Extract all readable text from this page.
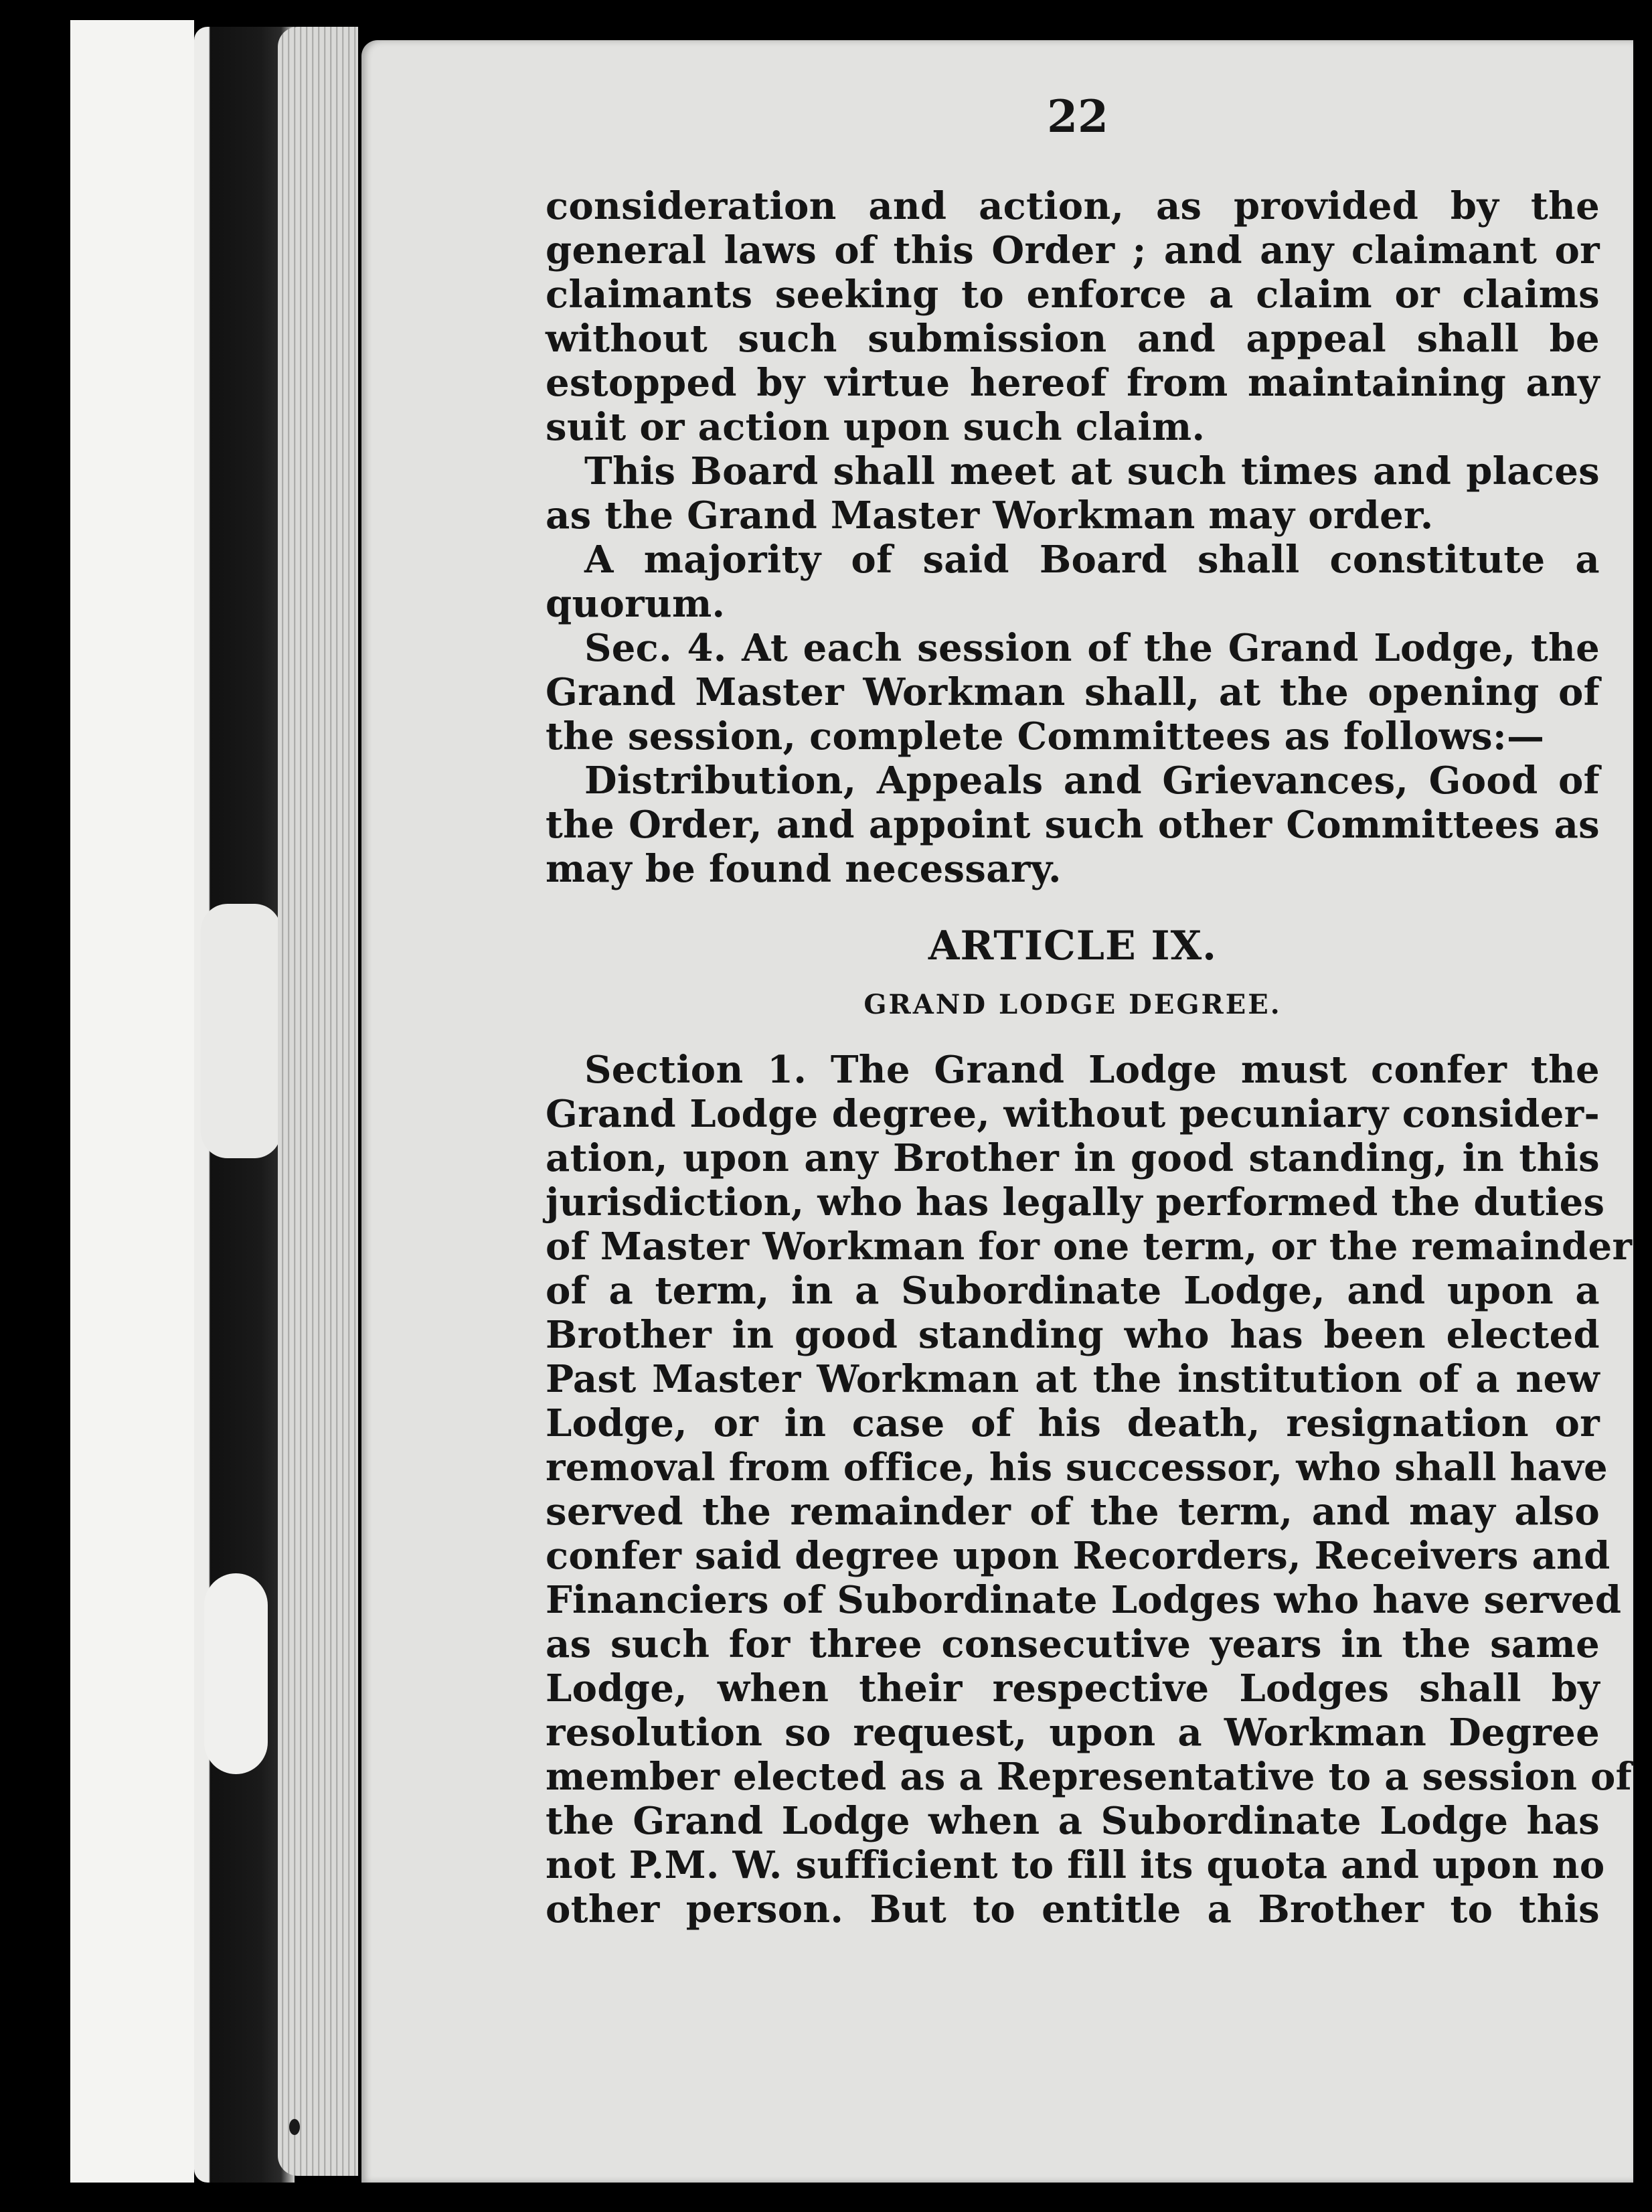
22
consideration and action, as provided by the
general laws of this Order ; and any claimant or
claimants seeking to enforce a claim or claims
without such submission and appeal shall be
estopped by virtue hereof from maintaining any
suit or action upon such claim.
This Board shall meet at such times and places
as the Grand Master Workman may order.
A majority of said Board shall constitute a
quorum.
Sec. 4. At each session of the Grand Lodge, the
Grand Master Workman shall, at the opening of
the session, complete Committees as follows:—
Distribution, Appeals and Grievances, Good of
the Order, and appoint such other Committees as
may be found necessary.
ARTICLE IX.
GRAND LODGE DEGREE.
Section 1. The Grand Lodge must confer the
Grand Lodge degree, without pecuniary consider-
ation, upon any Brother in good standing, in this
jurisdiction, who has legally performed the duties
of Master Workman for one term, or the remainder
of a term, in a Subordinate Lodge, and upon a
Brother in good standing who has been elected
Past Master Workman at the institution of a new
Lodge, or in case of his death, resignation or
removal from office, his successor, who shall have
served the remainder of the term, and may also
confer said degree upon Recorders, Receivers and
Financiers of Subordinate Lodges who have served
as such for three consecutive years in the same
Lodge, when their respective Lodges shall by
resolution so request, upon a Workman Degree
member elected as a Representative to a session of
the Grand Lodge when a Subordinate Lodge has
not P.M. W. sufficient to fill its quota and upon no
other person. But to entitle a Brother to this
